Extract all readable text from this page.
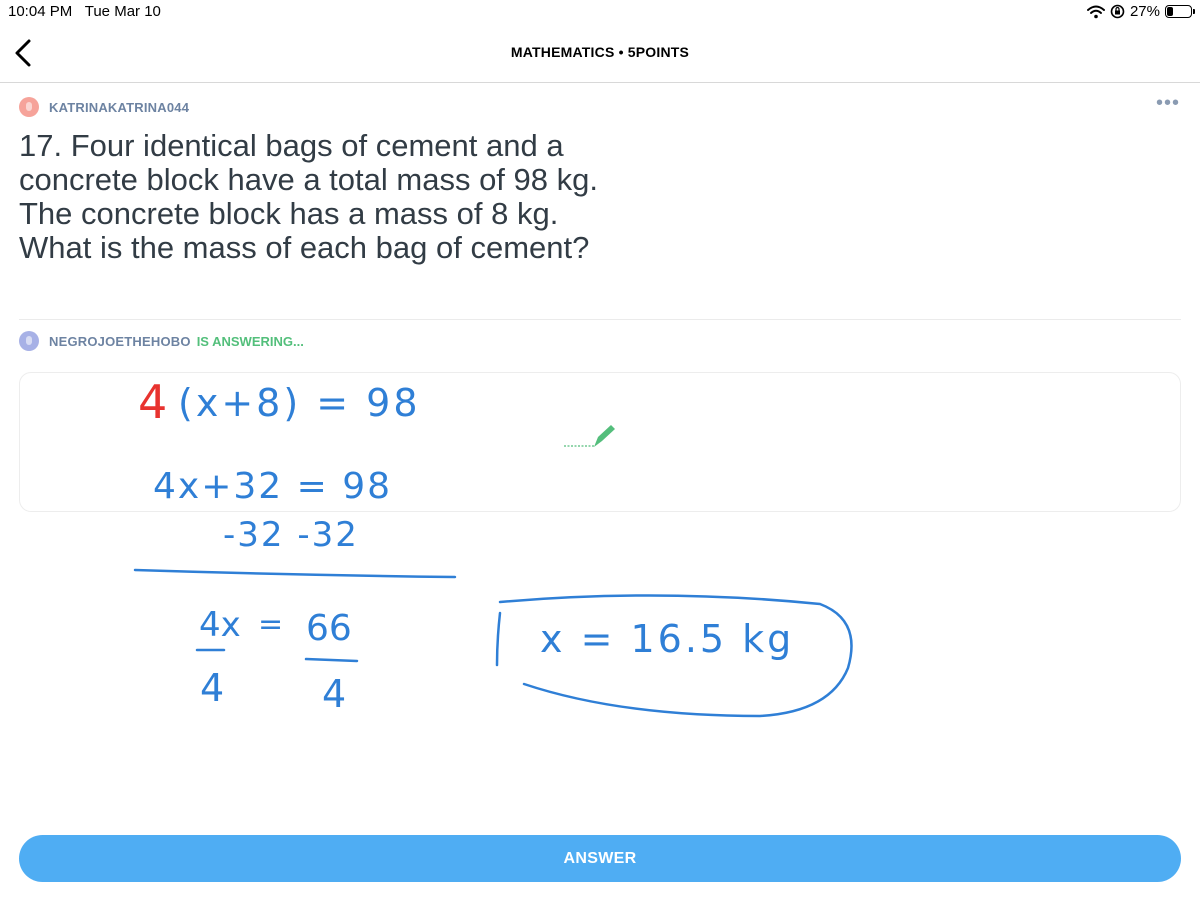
10:04 PM Tue Mar 10	27%
MATHEMATICS • 5POINTS
KATRINAKATRINA044	•••

17. Four identical bags of cement and a
concrete block have a total mass of 98 kg.
The concrete block has a mass of 8 kg.
What is the mass of each bag of cement?

NEGROJOETHEHOBO IS ANSWERING...
4 (x+8) = 98
4x+32 = 98
-32 -32
4x = 66
4	4
x = 16.5 kg
ANSWER
